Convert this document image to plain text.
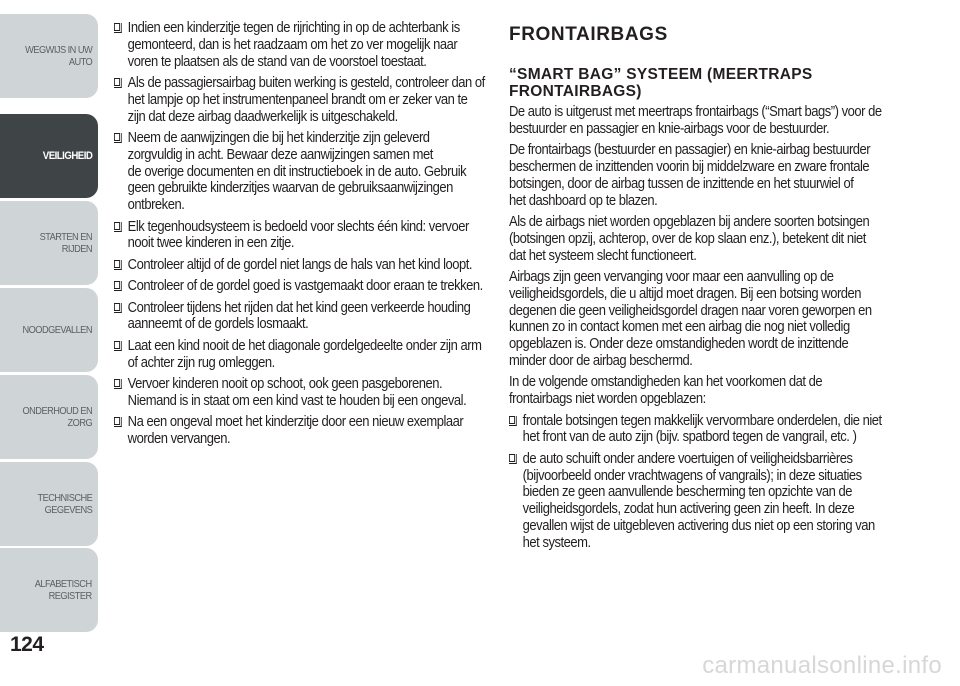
WEGWIJS IN UW
AUTO
VEILIGHEID
STARTEN EN RIJDEN
NOODGEVALLEN
ONDERHOUD EN
ZORG
TECHNISCHE
GEGEVENS
ALFABETISCH
REGISTER
124
Indien een kinderzitje tegen de rijrichting in op de achterbank is
gemonteerd, dan is het raadzaam om het zo ver mogelijk naar
voren te plaatsen als de stand van de voorstoel toestaat.
Als de passagiersairbag buiten werking is gesteld, controleer dan of
het lampje op het instrumentenpaneel brandt om er zeker van te
zijn dat deze airbag daadwerkelijk is uitgeschakeld.
Neem de aanwijzingen die bij het kinderzitje zijn geleverd
zorgvuldig in acht. Bewaar deze aanwijzingen samen met
de overige documenten en dit instructieboek in de auto. Gebruik
geen gebruikte kinderzitjes waarvan de gebruiksaanwijzingen
ontbreken.
Elk tegenhoudsysteem is bedoeld voor slechts één kind: vervoer
nooit twee kinderen in een zitje.
Controleer altijd of de gordel niet langs de hals van het kind loopt.
Controleer of de gordel goed is vastgemaakt door eraan te trekken.
Controleer tijdens het rijden dat het kind geen verkeerde houding
aanneemt of de gordels losmaakt.
Laat een kind nooit de het diagonale gordelgedeelte onder zijn arm
of achter zijn rug omleggen.
Vervoer kinderen nooit op schoot, ook geen pasgeborenen.
Niemand is in staat om een kind vast te houden bij een ongeval.
Na een ongeval moet het kinderzitje door een nieuw exemplaar
worden vervangen.
FRONTAIRBAGS
“SMART BAG” SYSTEEM (MEERTRAPS
FRONTAIRBAGS)

De auto is uitgerust met meertraps frontairbags (“Smart bags”) voor de
bestuurder en passagier en knie-airbags voor de bestuurder.

De frontairbags (bestuurder en passagier) en knie-airbag bestuurder
beschermen de inzittenden voorin bij middelzware en zware frontale
botsingen, door de airbag tussen de inzittende en het stuurwiel of
het dashboard op te blazen.

Als de airbags niet worden opgeblazen bij andere soorten botsingen
(botsingen opzij, achterop, over de kop slaan enz.), betekent dit niet
dat het systeem slecht functioneert.

Airbags zijn geen vervanging voor maar een aanvulling op de
veiligheidsgordels, die u altijd moet dragen. Bij een botsing worden
degenen die geen veiligheidsgordel dragen naar voren geworpen en
kunnen zo in contact komen met een airbag die nog niet volledig
opgeblazen is. Onder deze omstandigheden wordt de inzittende
minder door de airbag beschermd.

In de volgende omstandigheden kan het voorkomen dat de
frontairbags niet worden opgeblazen:

frontale botsingen tegen makkelijk vervormbare onderdelen, die niet
het front van de auto zijn (bijv. spatbord tegen de vangrail, etc. )
de auto schuift onder andere voertuigen of veiligheidsbarrières
(bijvoorbeeld onder vrachtwagens of vangrails); in deze situaties
bieden ze geen aanvullende bescherming ten opzichte van de
veiligheidsgordels, zodat hun activering geen zin heeft. In deze
gevallen wijst de uitgebleven activering dus niet op een storing van
het systeem.
carmanualsonline.info
